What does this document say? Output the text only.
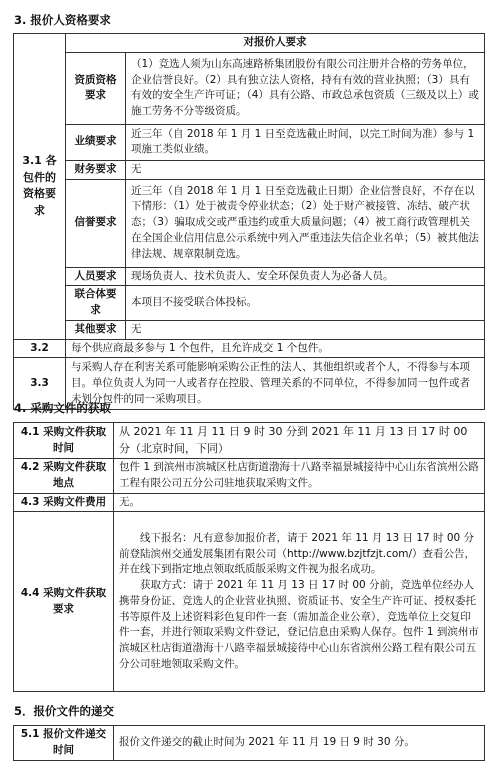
3. 报价人资格要求
3.1 各包件的资格要求	对报价人要求	
	资质资格要求	（1）竞选人须为山东高速路桥集团股份有限公司注册并合格的劳务单位，企业信誉良好。（2）具有独立法人资格，持有有效的营业执照；（3）具有有效的安全生产许可证；（4）具有公路、市政总承包资质（三级及以上）或施工劳务不分等级资质。
	业绩要求	近三年（自 2018 年 1 月 1 日至竞选截止时间，以完工时间为准）参与 1 项施工类似业绩。
	财务要求	无
	信誉要求	近三年（自 2018 年 1 月 1 日至竞选截止日期）企业信誉良好，不存在以下情形：（1）处于被责令停业状态；（2）处于财产被接管、冻结、破产状态；（3）骗取成交或严重违约或重大质量问题；（4）被工商行政管理机关在全国企业信用信息公示系统中列入严重违法失信企业名单；（5）被其他法律法规、规章限制竞选。
	人员要求	现场负责人、技术负责人、安全环保负责人为必备人员。
	联合体要求	本项目不接受联合体投标。
	其他要求	无
3.2	每个供应商最多参与 1 个包件，且允许成交 1 个包件。	
3.3	与采购人存在利害关系可能影响采购公正性的法人、其他组织或者个人，不得参与本项目。单位负责人为同一人或者存在控股、管理关系的不同单位，不得参加同一包件或者未划分包件的同一采购项目。	
4. 采购文件的获取
4.1 采购文件获取时间	从 2021 年 11 月 11 日 9 时 30 分到 2021 年 11 月 13 日 17 时 00 分（北京时间，下同）
4.2 采购文件获取地点	包件 1 到滨州市滨城区杜店街道渤海十八路幸福景城接待中心山东省滨州公路工程有限公司五分公司驻地获取采购文件。
4.3 采购文件费用	无。
4.4 采购文件获取要求	线下报名：凡有意参加报价者，请于 2021 年 11 月 13 日 17 时 00 分前登陆滨州交通发展集团有限公司（http://www.bzjtfzjt.com/）查看公告，并在线下到指定地点领取纸质版采购文件视为报名成功。
获取方式：请于 2021 年 11 月 13 日 17 时 00 分前，竞选单位经办人携带身份证、竞选人的企业营业执照、资质证书、安全生产许可证、授权委托书等原件及上述资料彩色复印件一套（需加盖企业公章），竞选单位上交复印件一套，并进行领取采购文件登记，登记信息由采购人保存。包件 1 到滨州市滨城区杜店街道渤海十八路幸福景城接待中心山东省滨州公路工程有限公司五分公司驻地领取采购文件。
5．报价文件的递交
5.1 报价文件递交时间	报价文件递交的截止时间为 2021 年 11 月 19 日 9 时 30 分。
